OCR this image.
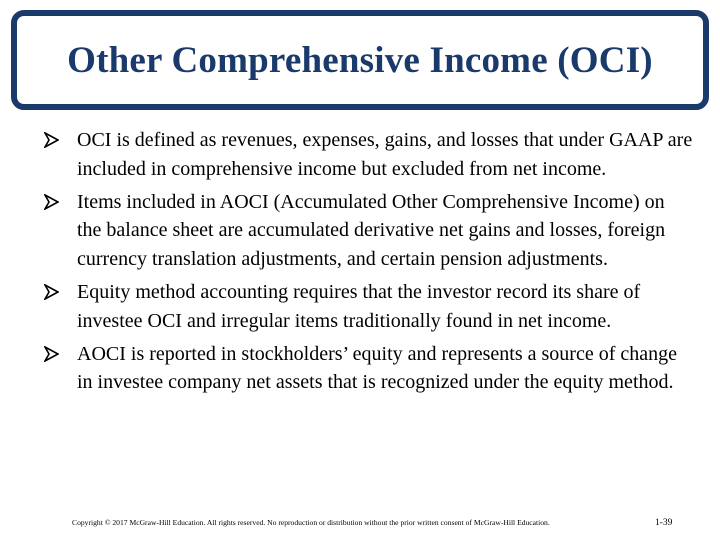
Other Comprehensive Income (OCI)
OCI is defined as revenues, expenses, gains, and losses that under GAAP are included in comprehensive income but excluded from net income.
Items included in AOCI (Accumulated Other Comprehensive Income) on the balance sheet are accumulated derivative net gains and losses, foreign currency translation adjustments, and certain pension adjustments.
Equity method accounting requires that the investor record its share of investee OCI and irregular items traditionally found in net income.
AOCI is reported in stockholders’ equity and represents a source of change in investee company net assets that is recognized under the equity method.
Copyright © 2017 McGraw-Hill Education. All rights reserved. No reproduction or distribution without the prior written consent of McGraw-Hill Education.	1-39
